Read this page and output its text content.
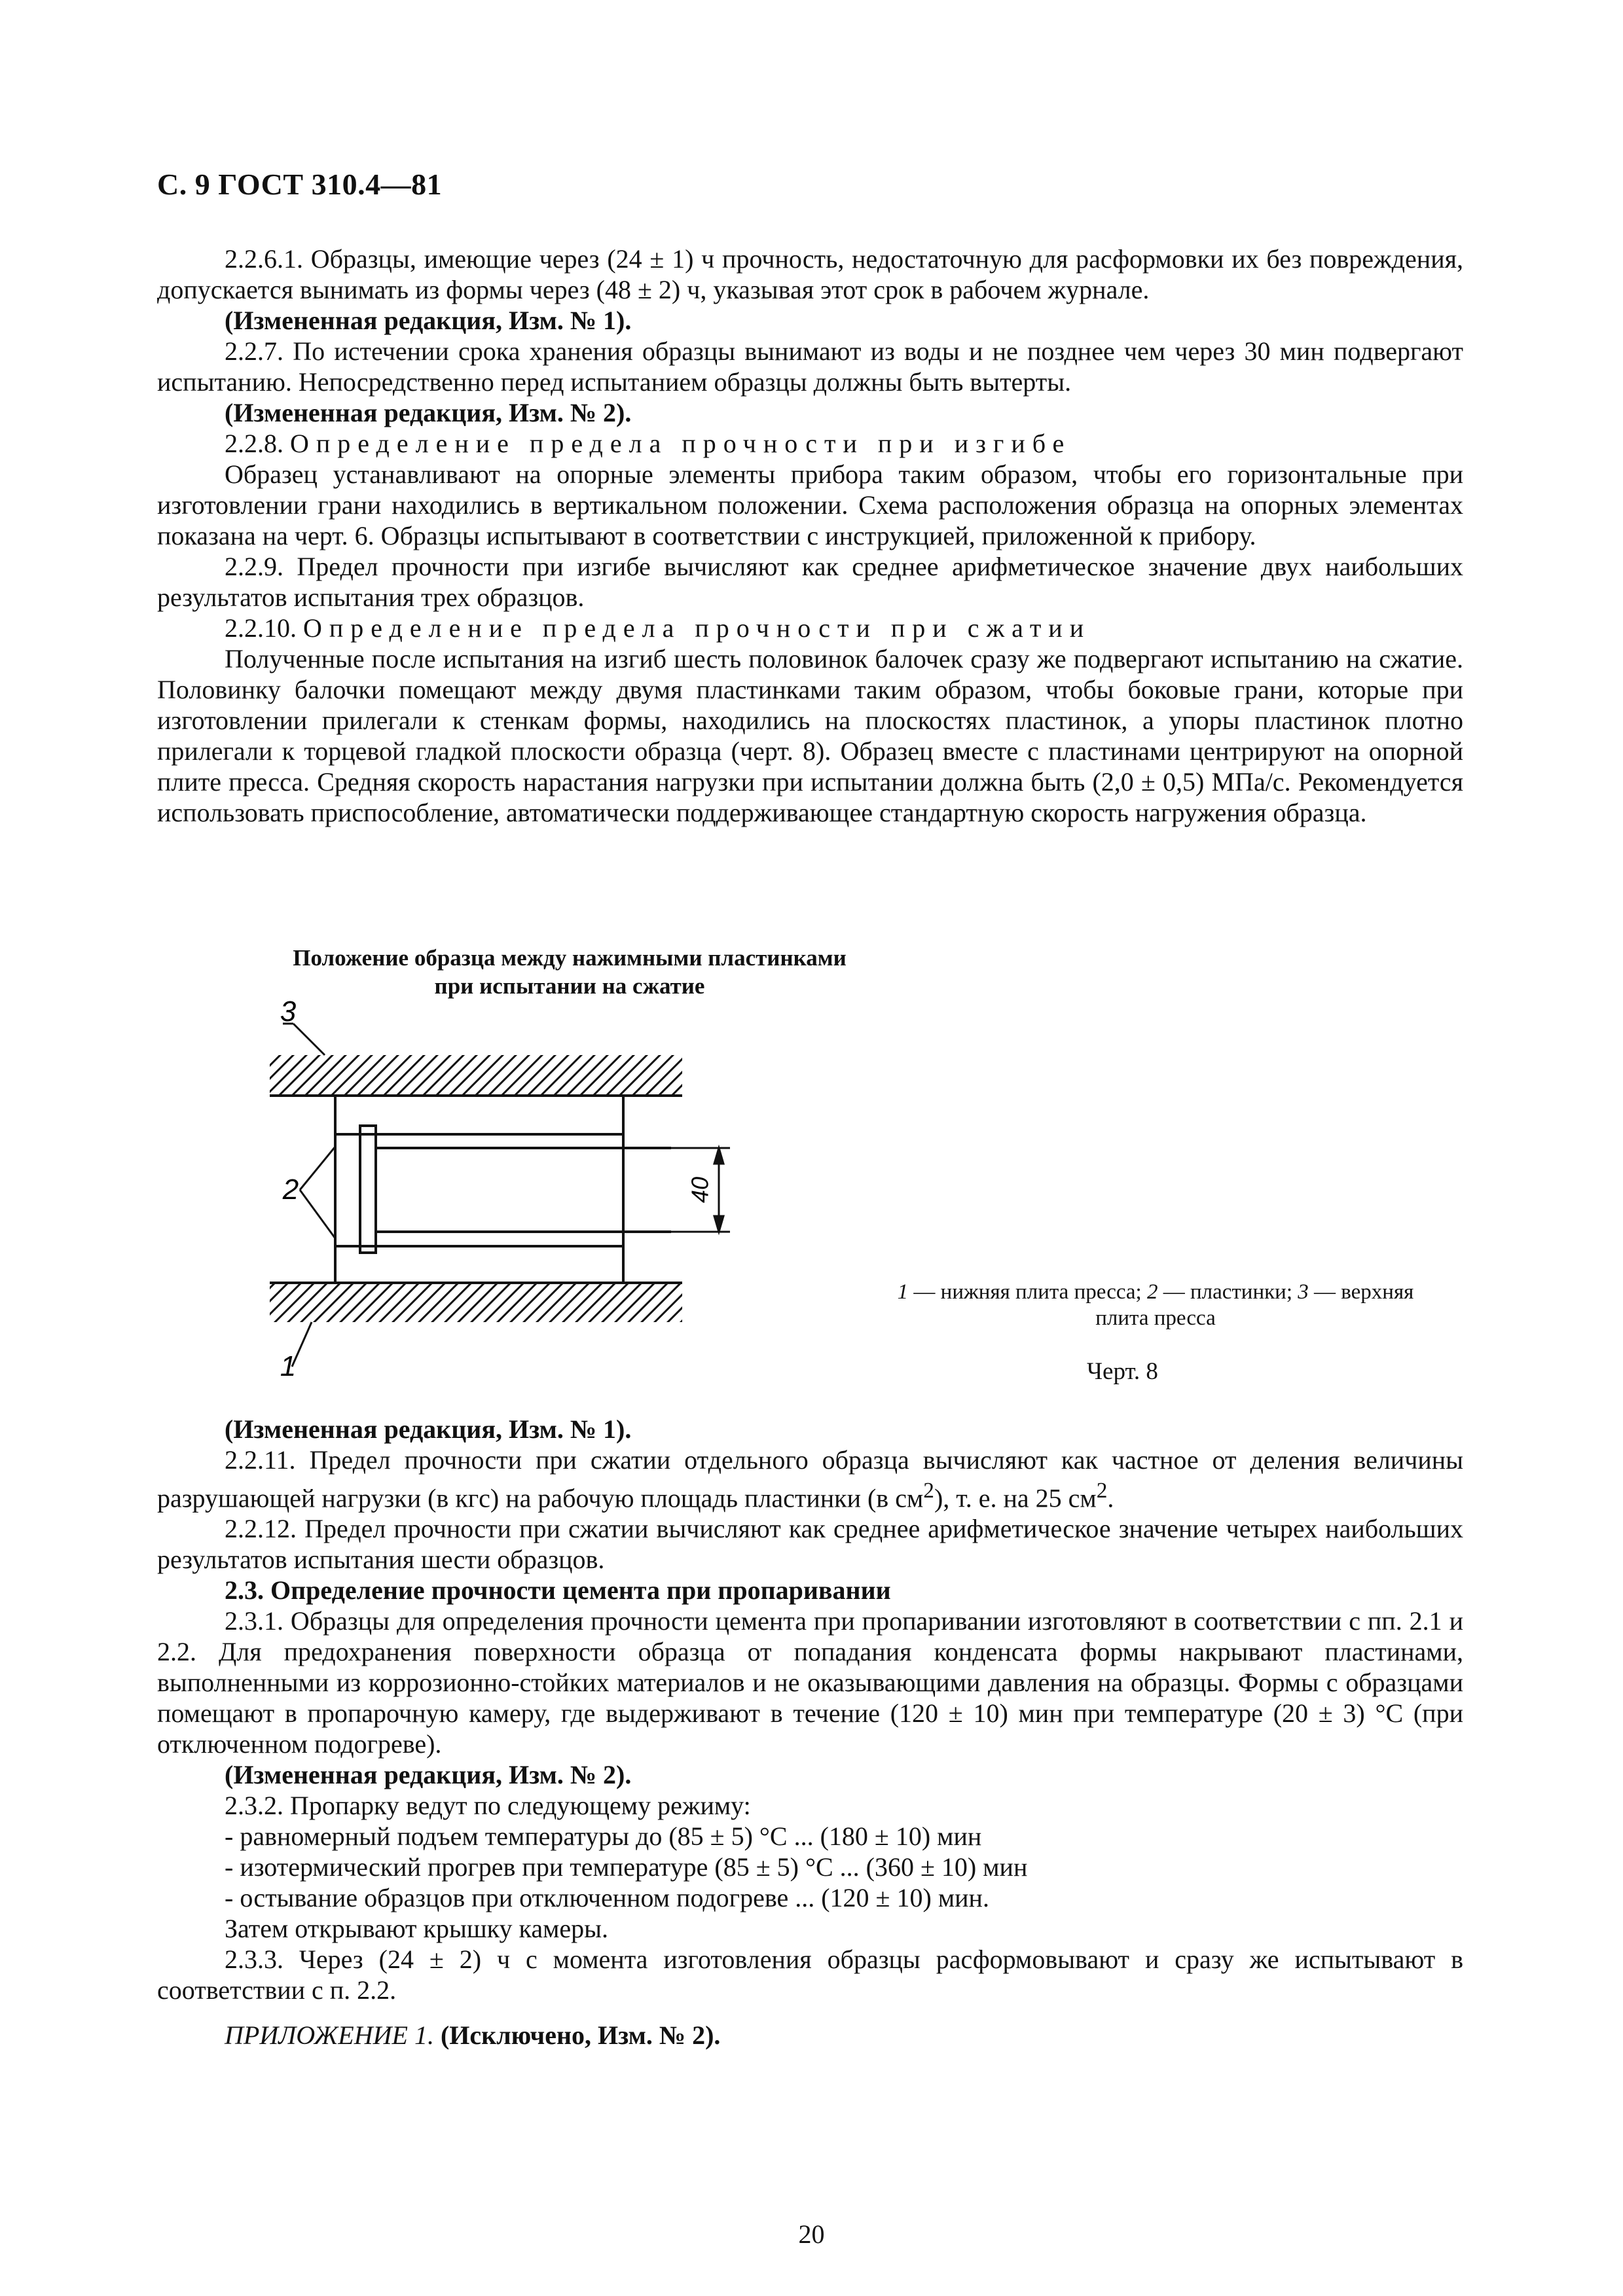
С. 9 ГОСТ 310.4—81

2.2.6.1. Образцы, имеющие через (24 ± 1) ч прочность, недостаточную для расформовки их без повреждения, допускается вынимать из формы через (48 ± 2) ч, указывая этот срок в рабочем журнале.

(Измененная редакция, Изм. № 1).

2.2.7. По истечении срока хранения образцы вынимают из воды и не позднее чем через 30 мин подвергают испытанию. Непосредственно перед испытанием образцы должны быть вытерты.

(Измененная редакция, Изм. № 2).

2.2.8. Определение предела прочности при изгибе

Образец устанавливают на опорные элементы прибора таким образом, чтобы его горизонтальные при изготовлении грани находились в вертикальном положении. Схема расположения образца на опорных элементах показана на черт. 6. Образцы испытывают в соответствии с инструкцией, приложенной к прибору.

2.2.9. Предел прочности при изгибе вычисляют как среднее арифметическое значение двух наибольших результатов испытания трех образцов.

2.2.10. Определение предела прочности при сжатии

Полученные после испытания на изгиб шесть половинок балочек сразу же подвергают испытанию на сжатие. Половинку балочки помещают между двумя пластинками таким образом, чтобы боковые грани, которые при изготовлении прилегали к стенкам формы, находились на плоскостях пластинок, а упоры пластинок плотно прилегали к торцевой гладкой плоскости образца (черт. 8). Образец вместе с пластинами центрируют на опорной плите пресса. Средняя скорость нарастания нагрузки при испытании должна быть (2,0 ± 0,5) МПа/с. Рекомендуется использовать приспособление, автоматически поддерживающее стандартную скорость нагружения образца.

Положение образца между нажимными пластинками
при испытании на сжатие
40
3
2
1
1 — нижняя плита пресса; 2 — пластинки; 3 — верхняя
плита пресса
Черт. 8

(Измененная редакция, Изм. № 1).

2.2.11. Предел прочности при сжатии отдельного образца вычисляют как частное от деления величины разрушающей нагрузки (в кгс) на рабочую площадь пластинки (в $см^2$), т. е. на 25 $см^2$.

2.2.12. Предел прочности при сжатии вычисляют как среднее арифметическое значение четырех наибольших результатов испытания шести образцов.

2.3. Определение прочности цемента при пропаривании

2.3.1. Образцы для определения прочности цемента при пропаривании изготовляют в соответствии с пп. 2.1 и 2.2. Для предохранения поверхности образца от попадания конденсата формы накрывают пластинами, выполненными из коррозионно-стойких материалов и не оказывающими давления на образцы. Формы с образцами помещают в пропарочную камеру, где выдерживают в течение (120 ± 10) мин при температуре (20 ± 3) °С (при отключенном подогреве).

(Измененная редакция, Изм. № 2).

2.3.2. Пропарку ведут по следующему режиму:

- равномерный подъем температуры до (85 ± 5) °С ... (180 ± 10) мин

- изотермический прогрев при температуре (85 ± 5) °С ... (360 ± 10) мин

- остывание образцов при отключенном подогреве ... (120 ± 10) мин.

Затем открывают крышку камеры.

2.3.3. Через (24 ± 2) ч с момента изготовления образцы расформовывают и сразу же испытывают в соответствии с п. 2.2.

ПРИЛОЖЕНИЕ 1. (Исключено, Изм. № 2).

20
